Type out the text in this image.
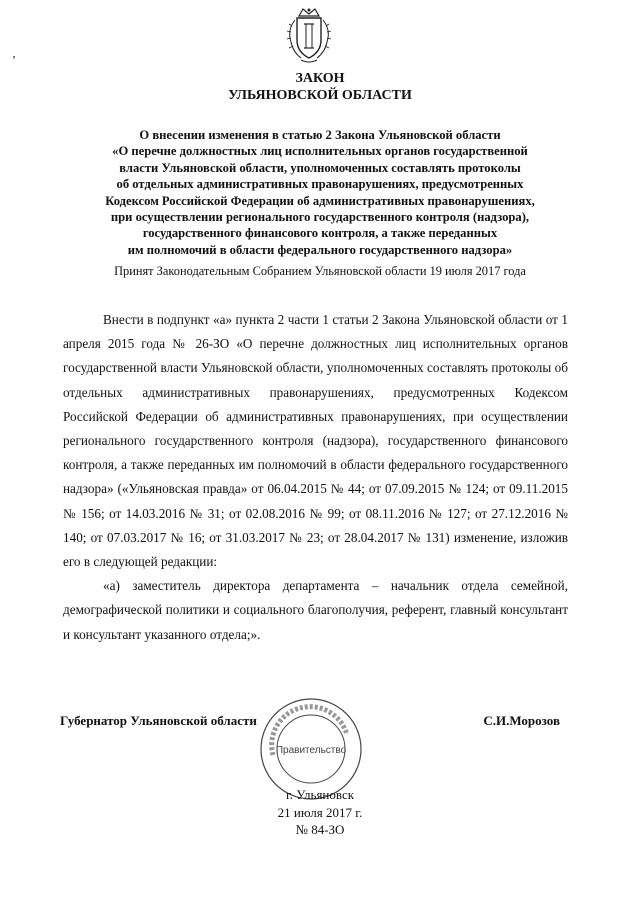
‚
ЗАКОН
УЛЬЯНОВСКОЙ ОБЛАСТИ
О внесении изменения в статью 2 Закона Ульяновской области
«О перечне должностных лиц исполнительных органов государственной
власти Ульяновской области, уполномоченных составлять протоколы
об отдельных административных правонарушениях, предусмотренных
Кодексом Российской Федерации об административных правонарушениях,
при осуществлении регионального государственного контроля (надзора),
государственного финансового контроля, а также переданных
им полномочий в области федерального государственного надзора»
Принят Законодательным Собранием Ульяновской области 19 июля 2017 года

Внести в подпункт «а» пункта 2 части 1 статьи 2 Закона Ульяновской области от 1 апреля 2015 года № 26-ЗО «О перечне должностных лиц исполнительных органов государственной власти Ульяновской области, уполномоченных составлять протоколы об отдельных административных правонарушениях, предусмотренных Кодексом Российской Федерации об административных правонарушениях, при осуществлении регионального государственного контроля (надзора), государственного финансового контроля, а также переданных им полномочий в области федерального государственного надзора» («Ульяновская правда» от 06.04.2015 № 44; от 07.09.2015 № 124; от 09.11.2015 № 156; от 14.03.2016 № 31; от 02.08.2016 № 99; от 08.11.2016 № 127; от 27.12.2016 № 140; от 07.03.2017 № 16; от 31.03.2017 № 23; от 28.04.2017 № 131) изменение, изложив его в следующей редакции:

«а) заместитель директора департамента – начальник отдела семейной, демографической политики и социального благополучия, референт, главный консультант и консультант указанного отдела;».

Губернатор Ульяновской области	С.И.Морозов
Правительство
г. Ульяновск
21 июля 2017 г.
№ 84-ЗО
